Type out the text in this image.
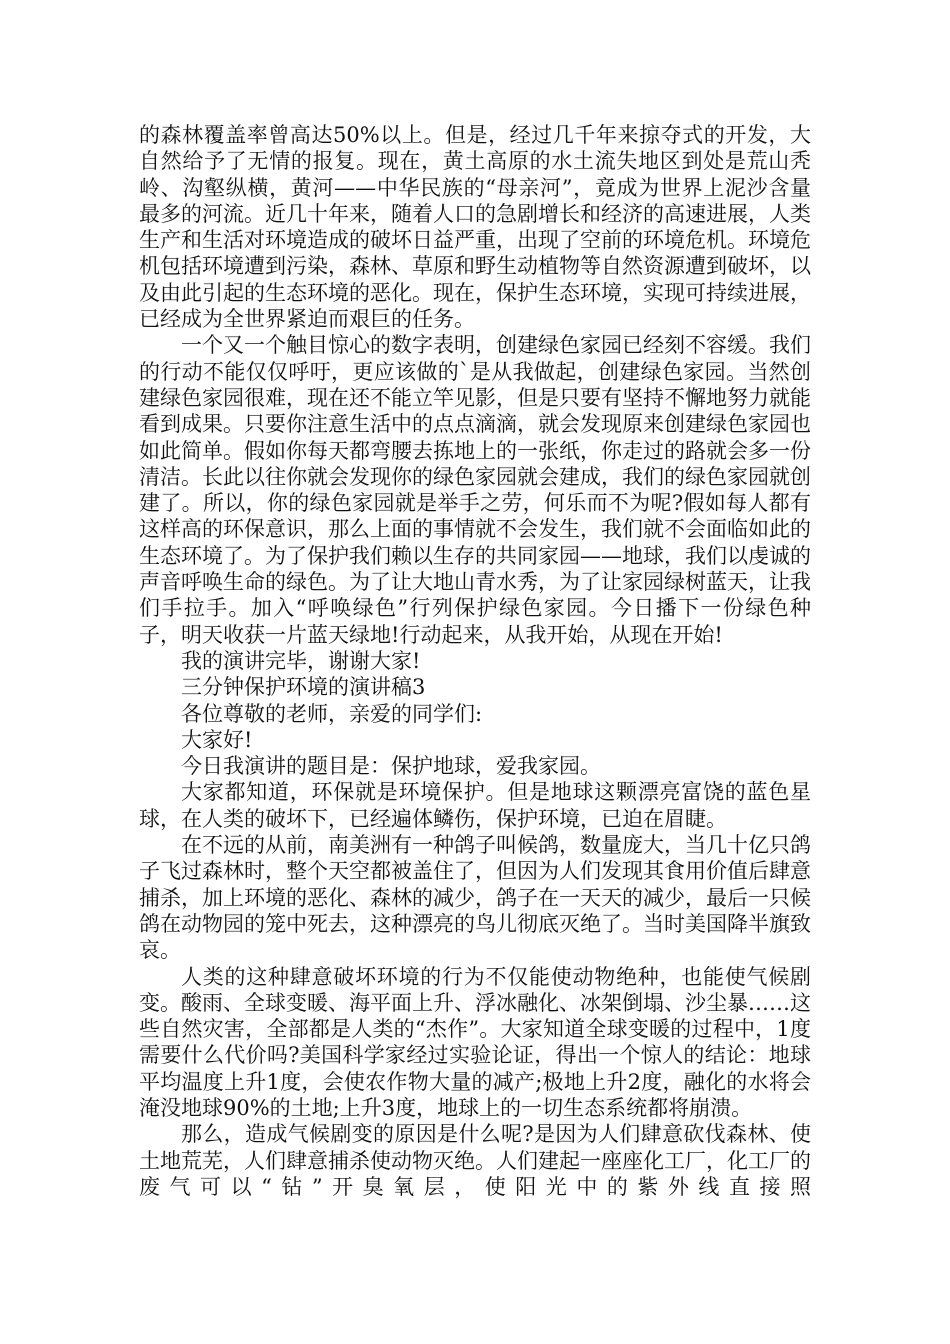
的森林覆盖率曾高达50%以上。但是，经过几千年来掠夺式的开发，大自然给予了无情的报复。现在，黄土高原的水土流失地区到处是荒山秃岭、沟壑纵横，黄河——中华民族的“母亲河”，竟成为世界上泥沙含量最多的河流。近几十年来，随着人口的急剧增长和经济的高速进展，人类生产和生活对环境造成的破坏日益严重，出现了空前的环境危机。环境危机包括环境遭到污染，森林、草原和野生动植物等自然资源遭到破坏，以及由此引起的生态环境的恶化。现在，保护生态环境，实现可持续进展，已经成为全世界紧迫而艰巨的任务。

一个又一个触目惊心的数字表明，创建绿色家园已经刻不容缓。我们的行动不能仅仅呼吁，更应该做的`是从我做起，创建绿色家园。当然创建绿色家园很难，现在还不能立竿见影，但是只要有坚持不懈地努力就能看到成果。只要你注意生活中的点点滴滴，就会发现原来创建绿色家园也如此简单。假如你每天都弯腰去拣地上的一张纸，你走过的路就会多一份清洁。长此以往你就会发现你的绿色家园就会建成，我们的绿色家园就创建了。所以，你的绿色家园就是举手之劳，何乐而不为呢?假如每人都有这样高的环保意识，那么上面的事情就不会发生，我们就不会面临如此的生态环境了。为了保护我们赖以生存的共同家园——地球，我们以虔诚的声音呼唤生命的绿色。为了让大地山青水秀，为了让家园绿树蓝天，让我们手拉手。加入“呼唤绿色”行列保护绿色家园。今日播下一份绿色种子，明天收获一片蓝天绿地!行动起来，从我开始，从现在开始!

我的演讲完毕，谢谢大家!

三分钟保护环境的演讲稿3

各位尊敬的老师，亲爱的同学们:

大家好!

今日我演讲的题目是：保护地球，爱我家园。

大家都知道，环保就是环境保护。但是地球这颗漂亮富饶的蓝色星球，在人类的破坏下，已经遍体鳞伤，保护环境，已迫在眉睫。

在不远的从前，南美洲有一种鸽子叫候鸽，数量庞大，当几十亿只鸽子飞过森林时，整个天空都被盖住了，但因为人们发现其食用价值后肆意捕杀，加上环境的恶化、森林的减少，鸽子在一天天的减少，最后一只候鸽在动物园的笼中死去，这种漂亮的鸟儿彻底灭绝了。当时美国降半旗致哀。

人类的这种肆意破坏环境的行为不仅能使动物绝种，也能使气候剧变。酸雨、全球变暖、海平面上升、浮冰融化、冰架倒塌、沙尘暴……这些自然灾害，全部都是人类的“杰作”。大家知道全球变暖的过程中，1度需要什么代价吗?美国科学家经过实验论证，得出一个惊人的结论：地球平均温度上升1度，会使农作物大量的减产;极地上升2度，融化的水将会淹没地球90%的土地;上升3度，地球上的一切生态系统都将崩溃。

那么，造成气候剧变的原因是什么呢?是因为人们肆意砍伐森林、使土地荒芜，人们肆意捕杀使动物灭绝。人们建起一座座化工厂，化工厂的废气可以“钻”开臭氧层，使阳光中的紫外线直接照
